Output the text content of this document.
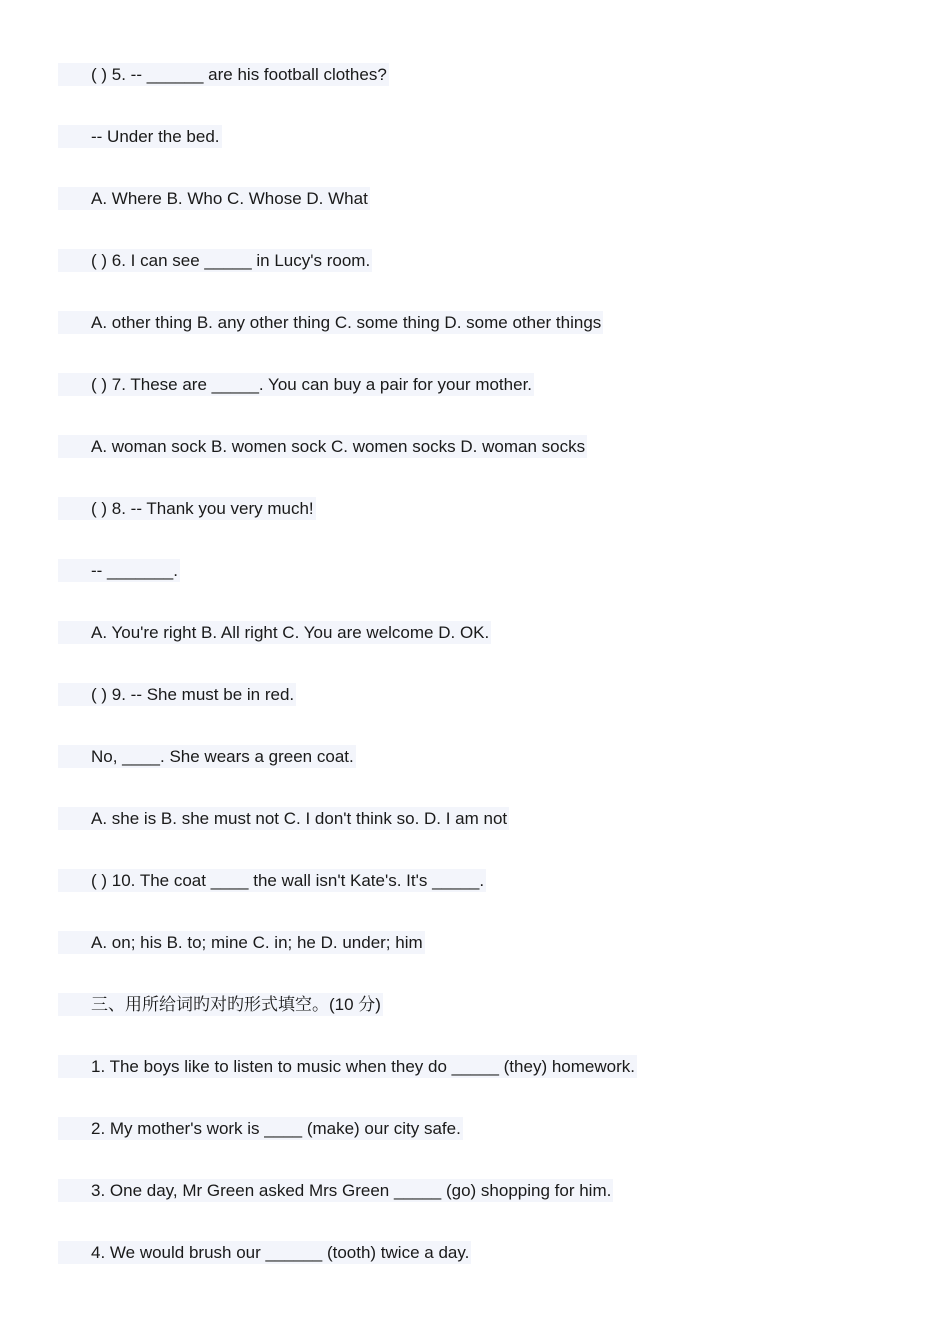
( ) 5. -- ______ are his football clothes?
-- Under the bed.
A. Where B. Who C. Whose D. What
( ) 6. I can see _____ in Lucy's room.
A. other thing B. any other thing C. some thing D. some other things
( ) 7. These are _____. You can buy a pair for your mother.
A. woman sock B. women sock C. women socks D. woman socks
( ) 8. -- Thank you very much!
-- _______.
A. You're right B. All right C. You are welcome D. OK.
( ) 9. -- She must be in red.
No, ____. She wears a green coat.
A. she is B. she must not C. I don't think so. D. I am not
( ) 10. The coat ____ the wall isn't Kate's. It's _____.
A. on; his B. to; mine C. in; he D. under; him
三、用所给词旳对旳形式填空。(10 分)
1. The boys like to listen to music when they do _____ (they) homework.
2. My mother's work is ____ (make) our city safe.
3. One day, Mr Green asked Mrs Green _____ (go) shopping for him.
4. We would brush our ______ (tooth) twice a day.
